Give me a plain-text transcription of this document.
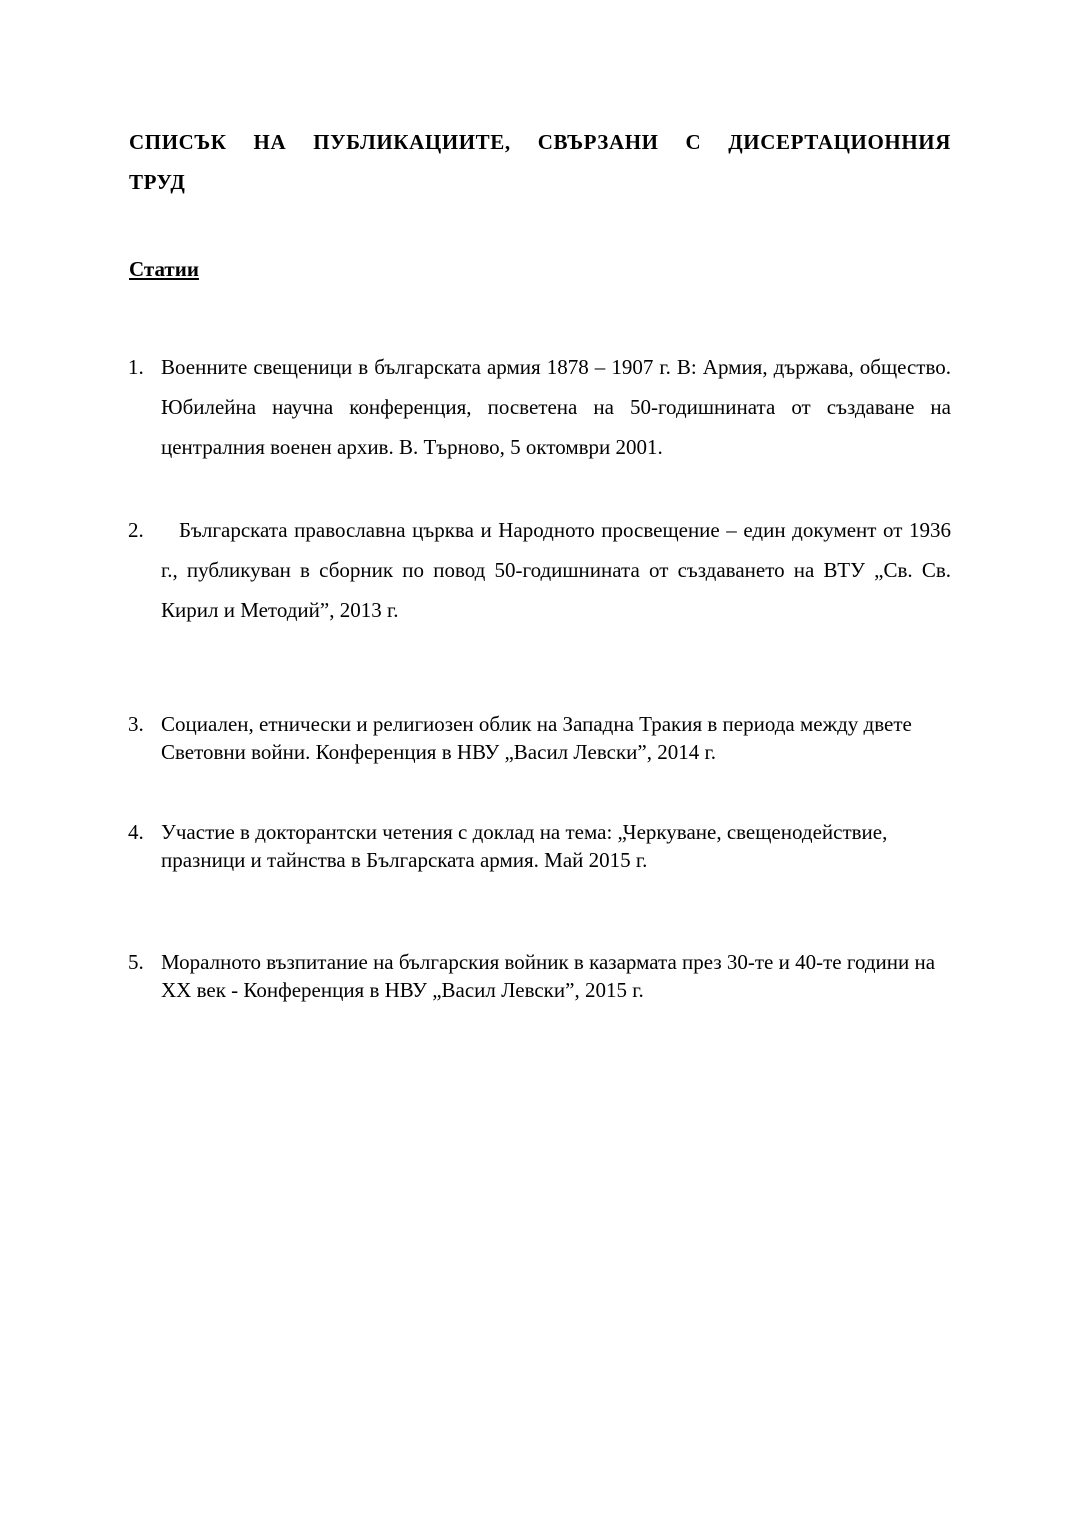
СПИСЪК НА ПУБЛИКАЦИИТЕ, СВЪРЗАНИ С ДИСЕРТАЦИОННИЯ ТРУД
Статии
1. Военните свещеници в българската армия 1878 – 1907 г. В: Армия, държава, общество. Юбилейна научна конференция, посветена на 50-годишнината от създаване на централния военен архив. В. Търново, 5 октомври 2001.
2.	Българската православна църква и Народното просвещение – един документ от 1936 г., публикуван в сборник по повод 50-годишнината от създаването на ВТУ „Св. Св. Кирил и Методий”, 2013 г.
3. Социален, етнически и религиозен облик на Западна Тракия в периода между двете Световни войни. Конференция в НВУ „Васил Левски”, 2014 г.
4. Участие в докторантски четения с доклад на тема: „Черкуване, свещенодействие, празници и тайнства в Българската армия. Май 2015 г.
5. Моралното възпитание на българския войник в казармата през 30-те и 40-те години на XX век - Конференция в НВУ „Васил Левски”, 2015 г.
